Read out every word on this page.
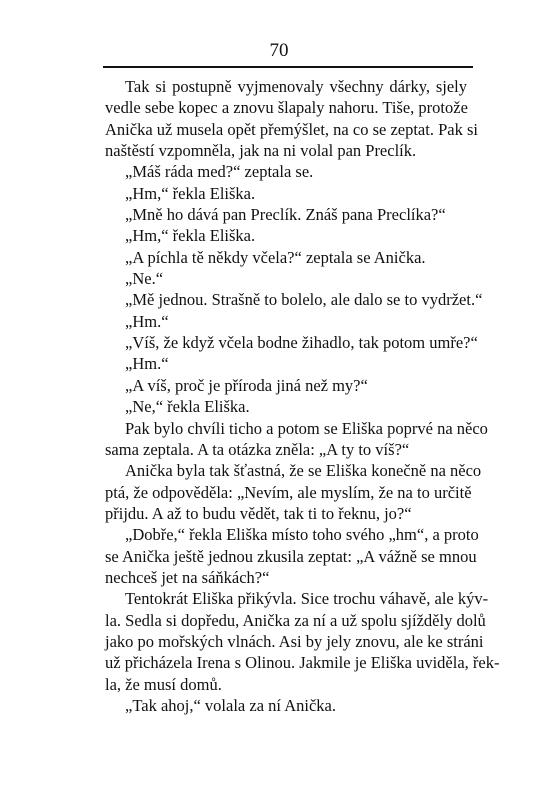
70
Tak si postupně vyjmenovaly všechny dárky, sjely
vedle sebe kopec a znovu šlapaly nahoru. Tiše, protože
Anička už musela opět přemýšlet, na co se zeptat. Pak si
naštěstí vzpomněla, jak na ni volal pan Preclík.
„Máš ráda med?“ zeptala se.
„Hm,“ řekla Eliška.
„Mně ho dává pan Preclík. Znáš pana Preclíka?“
„Hm,“ řekla Eliška.
„A píchla tě někdy včela?“ zeptala se Anička.
„Ne.“
„Mě jednou. Strašně to bolelo, ale dalo se to vydržet.“
„Hm.“
„Víš, že když včela bodne žihadlo, tak potom umře?“
„Hm.“
„A víš, proč je příroda jiná než my?“
„Ne,“ řekla Eliška.
Pak bylo chvíli ticho a potom se Eliška poprvé na něco
sama zeptala. A ta otázka zněla: „A ty to víš?“
Anička byla tak šťastná, že se Eliška konečně na něco
ptá, že odpověděla: „Nevím, ale myslím, že na to určitě
přijdu. A až to budu vědět, tak ti to řeknu, jo?“
„Dobře,“ řekla Eliška místo toho svého „hm“, a proto
se Anička ještě jednou zkusila zeptat: „A vážně se mnou
nechceš jet na sáňkách?“
Tentokrát Eliška přikývla. Sice trochu váhavě, ale kýv-
la. Sedla si dopředu, Anička za ní a už spolu sjížděly dolů
jako po mořských vlnách. Asi by jely znovu, ale ke stráni
už přicházela Irena s Olinou. Jakmile je Eliška uviděla, řek-
la, že musí domů.
„Tak ahoj,“ volala za ní Anička.
